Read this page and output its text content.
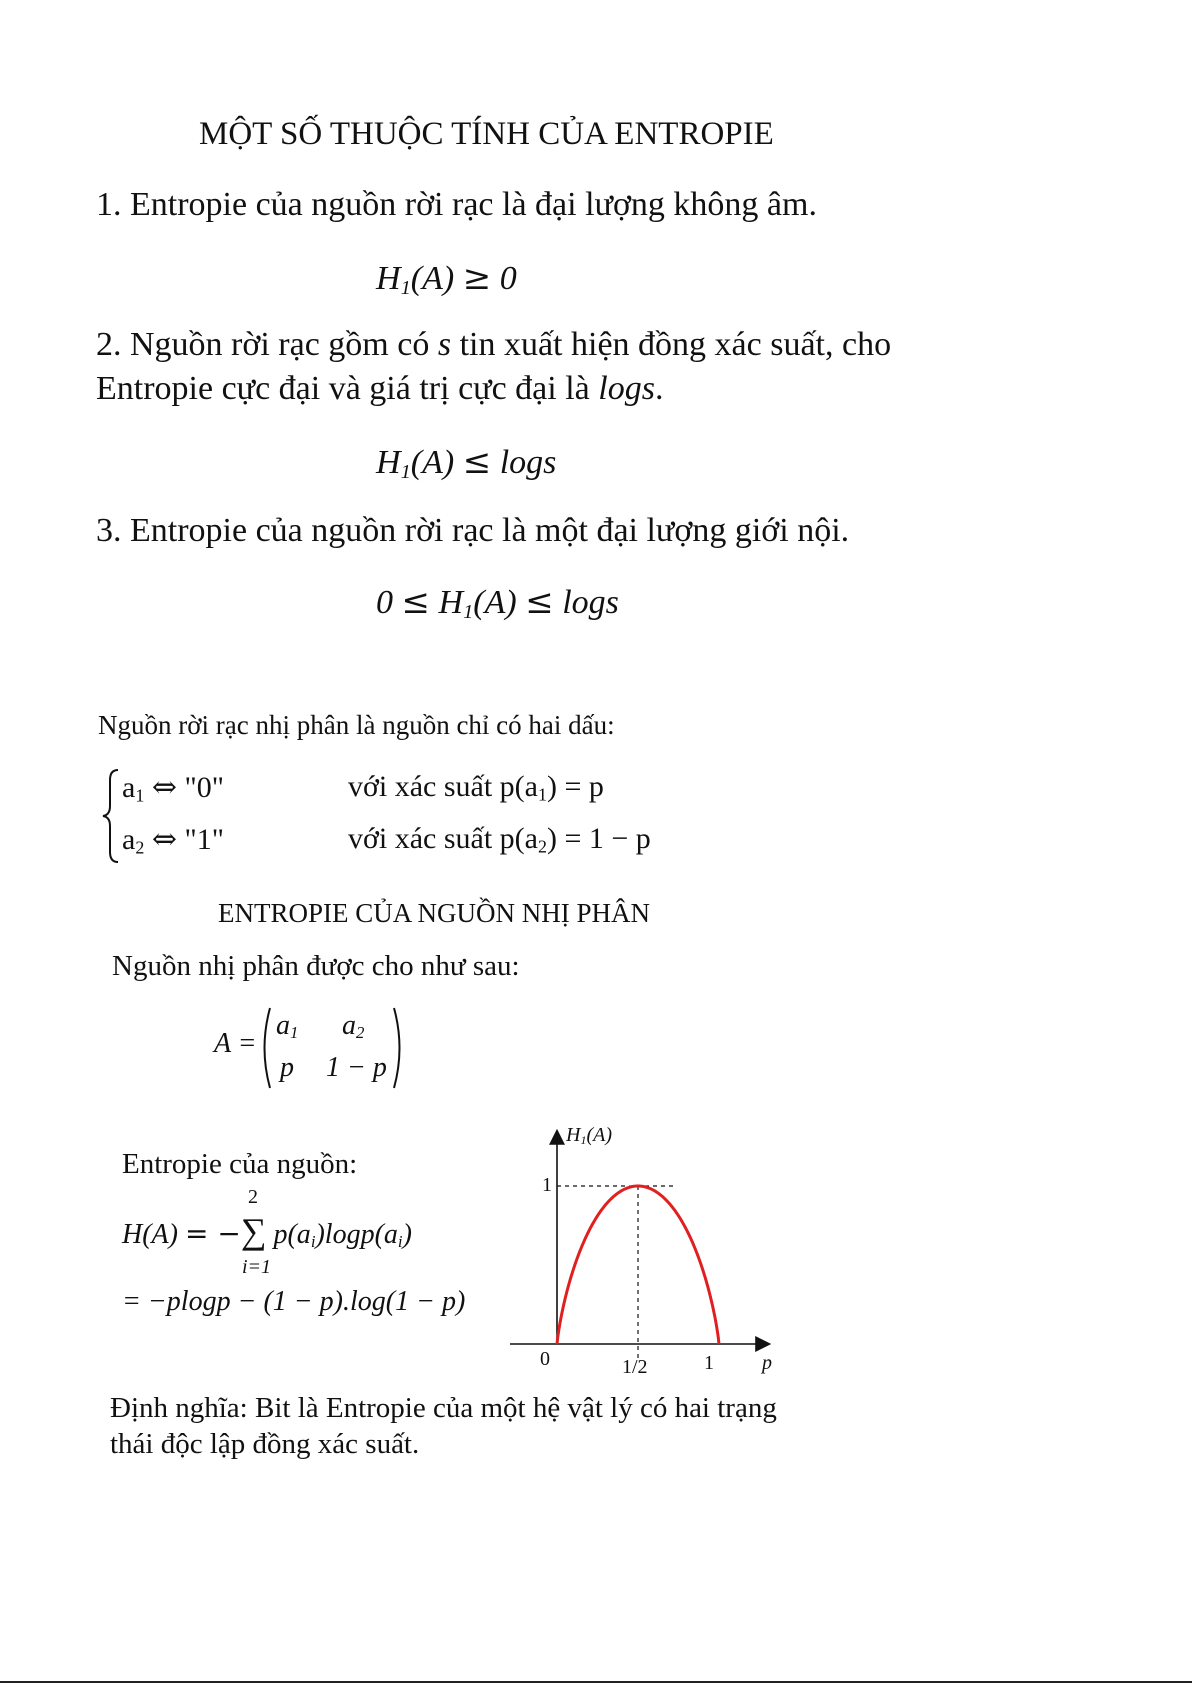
MỘT SỐ THUỘC TÍNH CỦA ENTROPIE
1. Entropie của nguồn rời rạc là đại lượng không âm.
$H_1(A) \ge 0$
2. Nguồn rời rạc gồm có s tin xuất hiện đồng xác suất, cho
Entropie cực đại và giá trị cực đại là logs.
$H_1(A) \le \log s$
3. Entropie của nguồn rời rạc là một đại lượng giới nội.
$0 \le H_1(A) \le \log s$
Nguồn rời rạc nhị phân là nguồn chỉ có hai dấu:
$a_1$ ⇔ "0"	với xác suất $p(a_1) = p$
$a_2$ ⇔ "1"	với xác suất $p(a_2) = 1 - p$
ENTROPIE CỦA NGUỒN NHỊ PHÂN
Nguồn nhị phân được cho như sau:
A =
$a_1$ $a_2$
p 1 − p
Entropie của nguồn:
2
H(A) = −∑ $p(a_i)\log p(a_i)$
i=1
= −plogp − (1 − p).log(1 − p)
$H_1(A)$
1
0	1/2	1 p
Định nghĩa: Bit là Entropie của một hệ vật lý có hai trạng
thái độc lập đồng xác suất.
